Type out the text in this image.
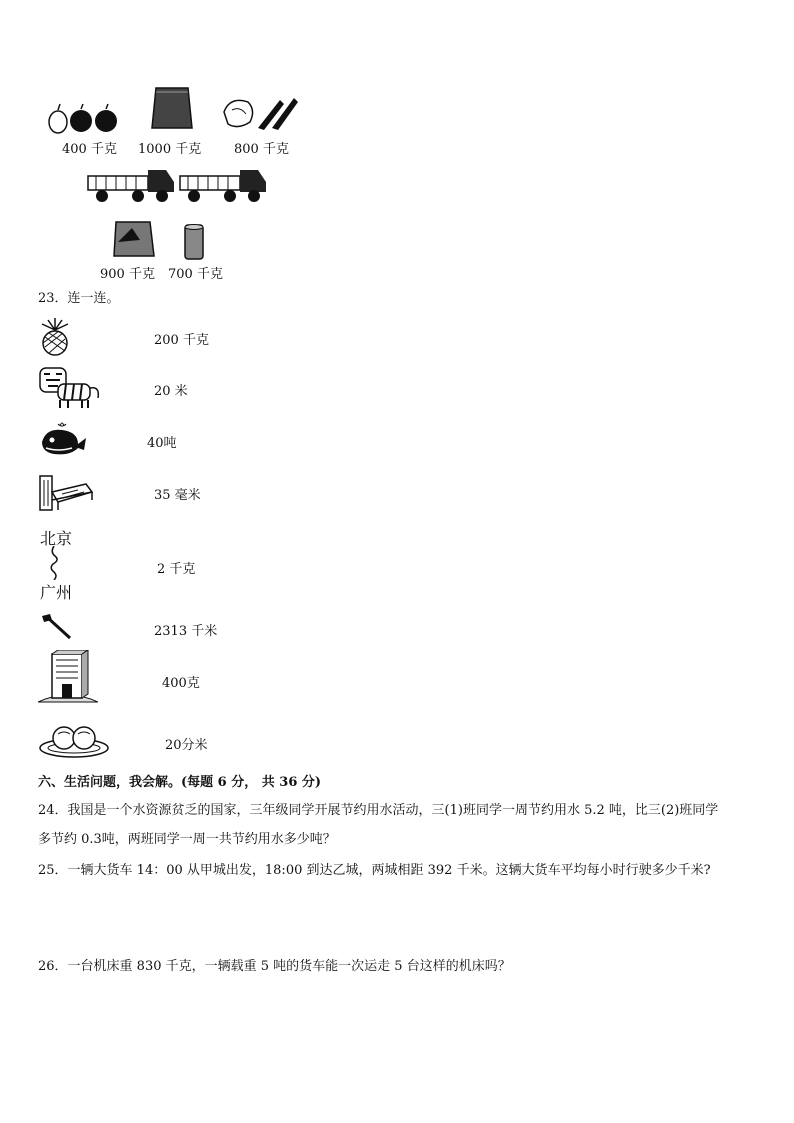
400 千克 1000 千克	800 千克
900 千克 700 千克
23．连一连。
200 千克
20 米
40吨
35 毫米
北京
广州
2 千克
2313 千米
400克
20分米
六、生活问题，我会解。(每题 6 分， 共 36 分)
24．我国是一个水资源贫乏的国家，三年级同学开展节约用水活动，三(1)班同学一周节约用水 5.2 吨，比三(2)班同学
多节约 0.3吨，两班同学一周一共节约用水多少吨？
25．一辆大货车 14：00 从甲城出发，18:00 到达乙城，两城相距 392 千米。这辆大货车平均每小时行驶多少千米?
26．一台机床重 830 千克，一辆载重 5 吨的货车能一次运走 5 台这样的机床吗？
